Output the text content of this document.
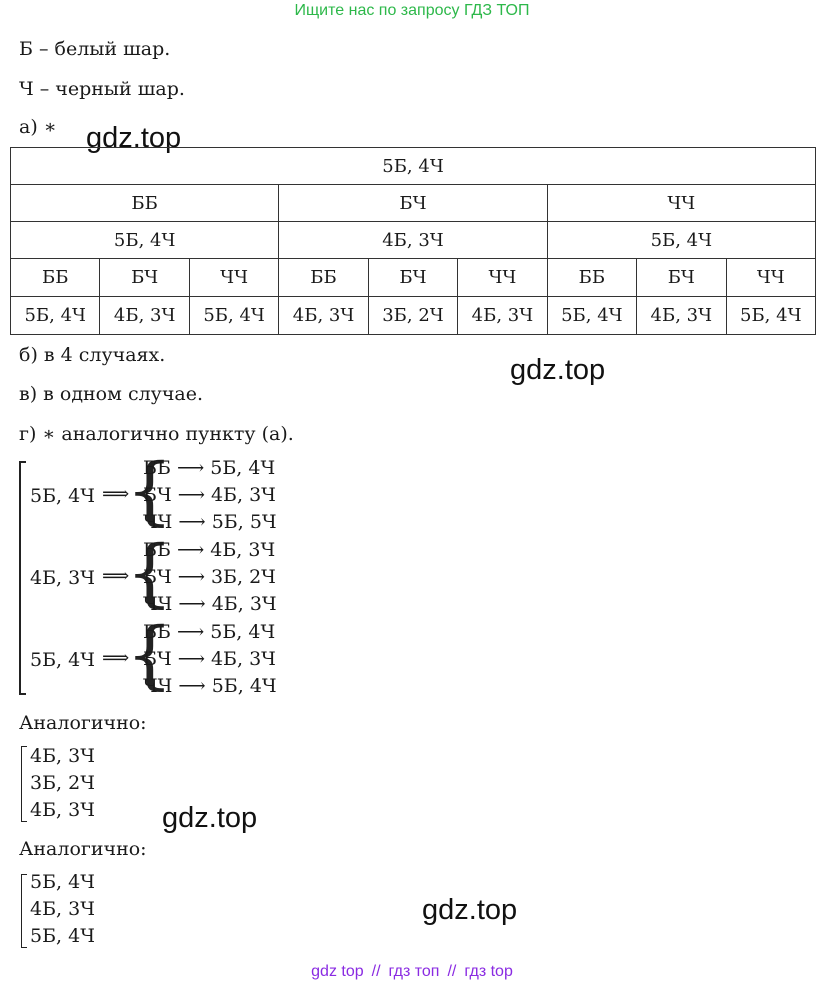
Ищите нас по запросу ГДЗ ТОП
Б – белый шар.
Ч – черный шар.
а) ∗ gdz.top
5Б, 4Ч								
ББ			БЧ			ЧЧ		
5Б, 4Ч			4Б, 3Ч			5Б, 4Ч		
ББ	БЧ	ЧЧ	ББ	БЧ	ЧЧ	ББ	БЧ	ЧЧ
5Б, 4Ч	4Б, 3Ч	5Б, 4Ч	4Б, 3Ч	3Б, 2Ч	4Б, 3Ч	5Б, 4Ч	4Б, 3Ч	5Б, 4Ч
б) в 4 случаях.	gdz.top
в) в одном случае.
г) ∗ аналогично пункту (а).
5Б, 4Ч ⟹
{
ББ ⟶ 5Б, 4Ч
БЧ ⟶ 4Б, 3Ч
ЧЧ ⟶ 5Б, 5Ч
4Б, 3Ч ⟹
{
ББ ⟶ 4Б, 3Ч
БЧ ⟶ 3Б, 2Ч
ЧЧ ⟶ 4Б, 3Ч
5Б, 4Ч ⟹
{
ББ ⟶ 5Б, 4Ч
БЧ ⟶ 4Б, 3Ч
ЧЧ ⟶ 5Б, 4Ч
Аналогично:
4Б, 3Ч
3Б, 2Ч
4Б, 3Ч gdz.top
Аналогично:
5Б, 4Ч
4Б, 3Ч
5Б, 4Ч
gdz.top
gdz top // гдз топ // гдз top
